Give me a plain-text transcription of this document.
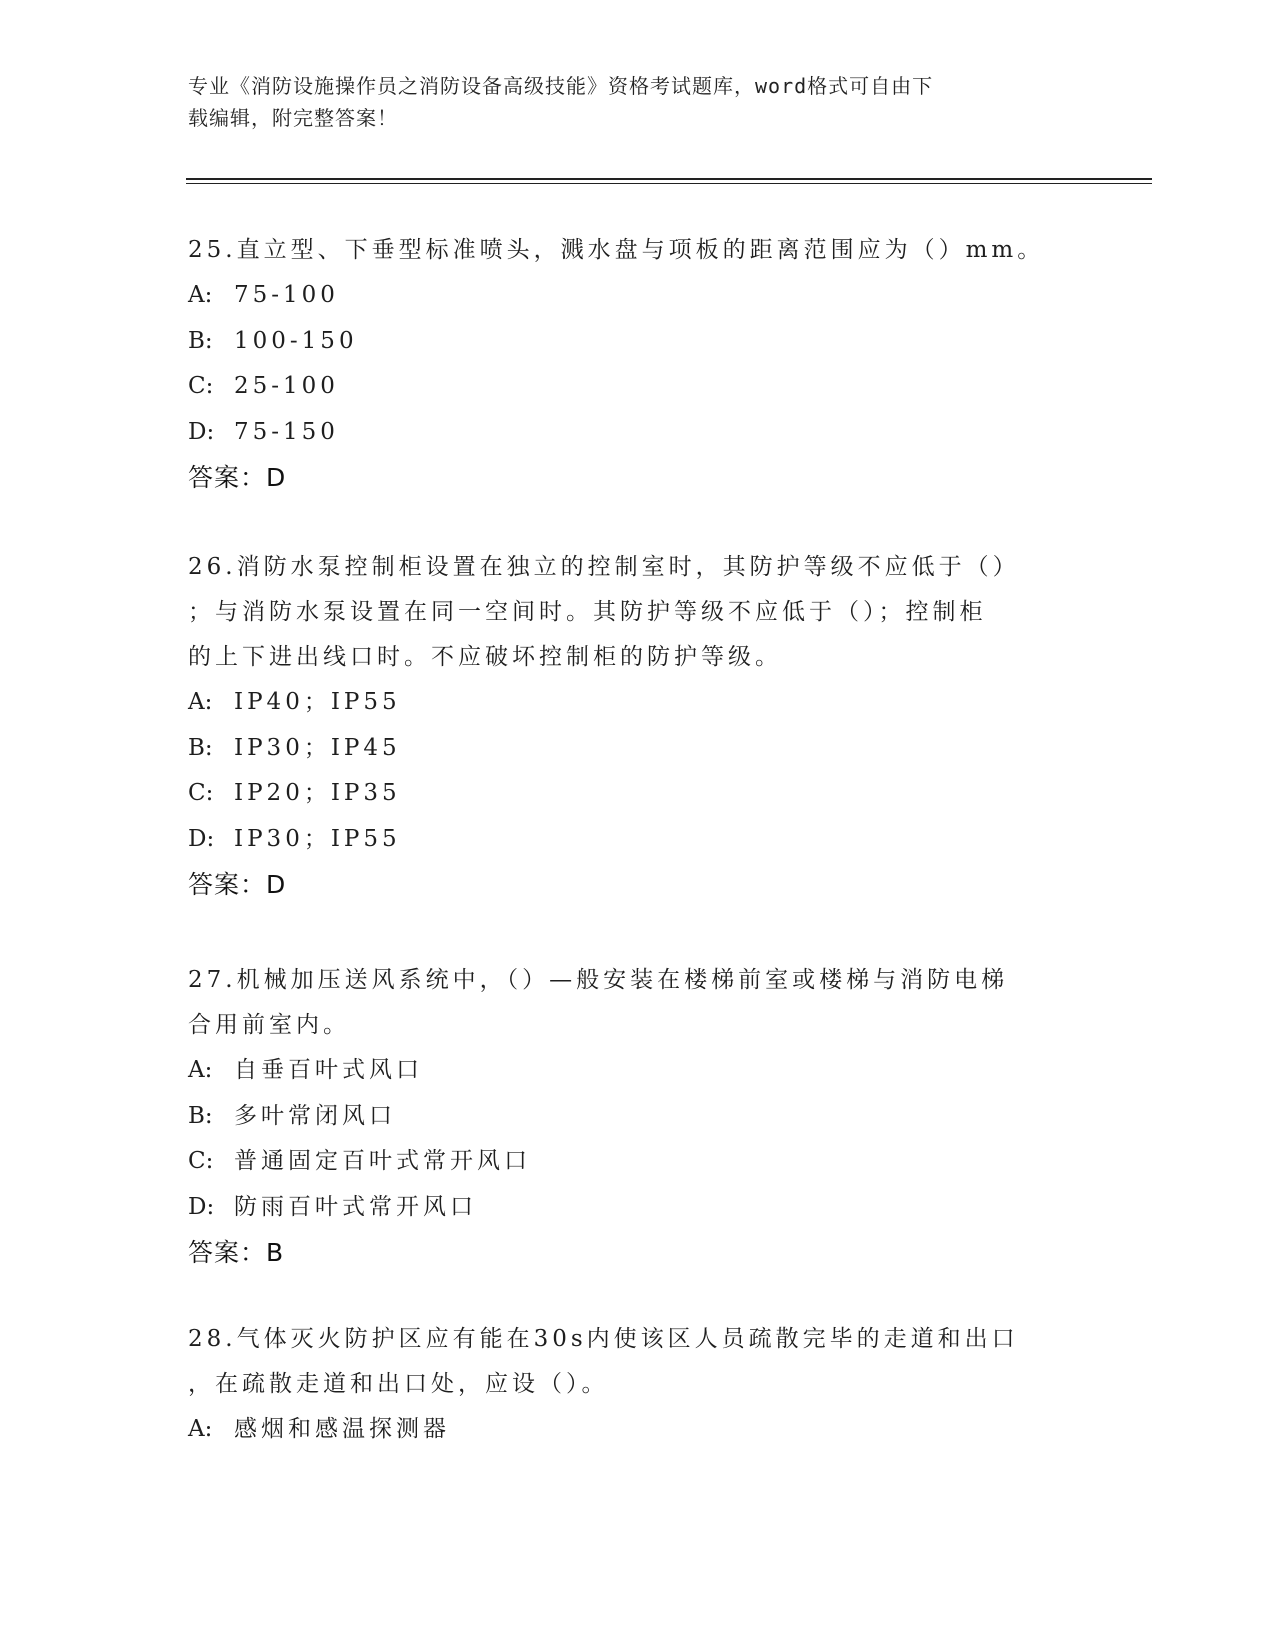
专业《消防设施操作员之消防设备高级技能》资格考试题库，word格式可自由下
载编辑，附完整答案！

25.直立型、下垂型标准喷头，溅水盘与项板的距离范围应为（）mm。

A: 75-100

B: 100-150

C: 25-100

D: 75-150

答案：D

26.消防水泵控制柜设置在独立的控制室时，其防护等级不应低于（）

；与消防水泵设置在同一空间时。其防护等级不应低于（）；控制柜

的上下进出线口时。不应破坏控制柜的防护等级。

A: IP40；IP55

B: IP30；IP45

C: IP20；IP35

D: IP30；IP55

答案：D

27.机械加压送风系统中，（）—般安装在楼梯前室或楼梯与消防电梯

合用前室内。

A: 自垂百叶式风口

B: 多叶常闭风口

C: 普通固定百叶式常开风口

D: 防雨百叶式常开风口

答案：B

28.气体灭火防护区应有能在30s内使该区人员疏散完毕的走道和出口

，在疏散走道和出口处，应设（）。

A: 感烟和感温探测器
